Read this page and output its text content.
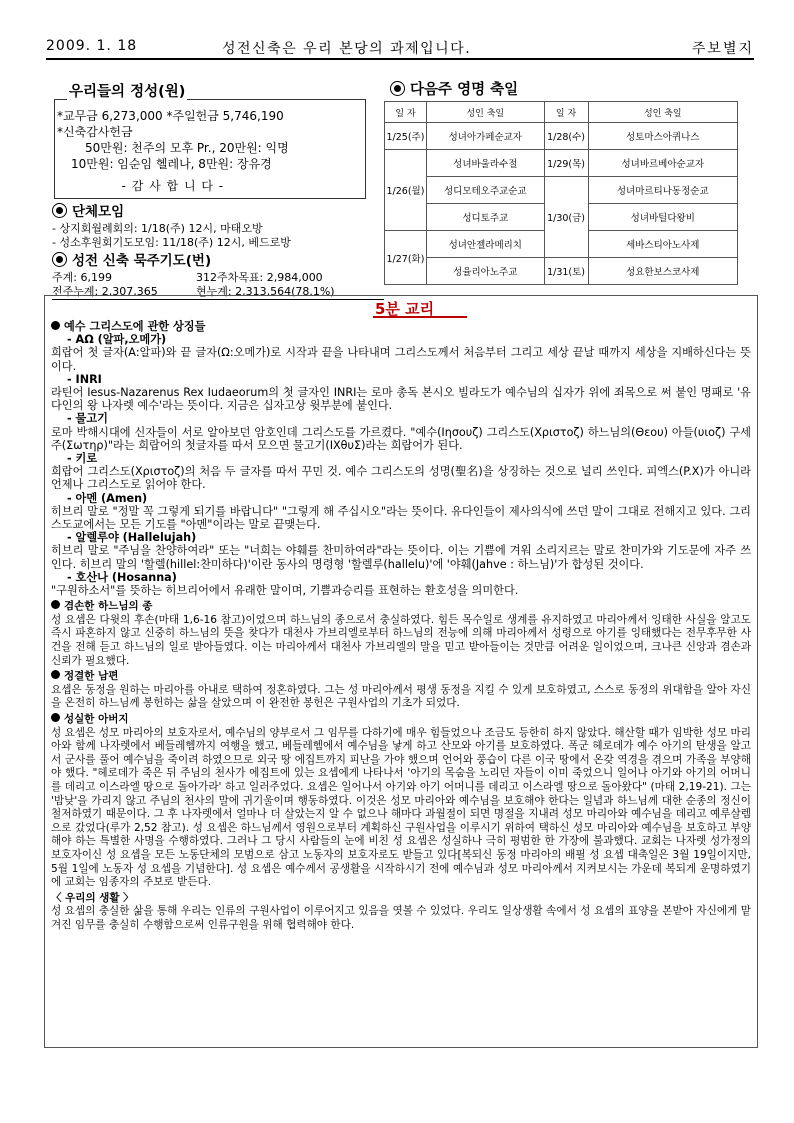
2009. 1. 18	성전신축은 우리 본당의 과제입니다.	주보별지
우리들의 정성(원)
*교무금 6,273,000 *주일헌금 5,746,190
*신축감사헌금
50만원: 천주의 모후 Pr., 20만원: 익명
10만원: 임순임 헬레나, 8만원: 장유경
- 감 사 합 니 다 -
단체모임
- 상지회월례회의: 1/18(주) 12시, 마태오방
- 성소후원회기도모임: 11/18(주) 12시, 베드로방
성전 신축 묵주기도(번)
주계: 6,199	312주차목표: 2,984,000
전주누계: 2,307,365	현누계: 2,313,564(78.1%)
다음주 영명 축일
일 자	성인 축일	일 자	성인 축일
1/25(주)	성녀아가페순교자	1/28(수)	성토마스아퀴나스
1/26(월)	성녀바울라수절	1/29(목)	성녀바르베아순교자
	성디모테오주교순교	1/30(금)	성녀마르티나동정순교
	성디토주교		성녀바틸다왕비
1/27(화)	성녀안젤라메리치		세바스티아노사제
	성율리아노주교	1/31(토)	성요한보스코사제
5분 교리
예수 그리스도에 관한 상징들
- ΑΩ (알파,오메가)
희랍어 첫 글자(Α:알파)와 끝 글자(Ω:오메가)로 시작과 끝을 나타내며 그리스도께서 처음부터 그리고 세상 끝날 때까지 세상을 지배하신다는 뜻이다.
- INRI
라틴어 Iesus-Nazarenus Rex Iudaeorum의 첫 글자인 INRI는 로마 총독 본시오 빌라도가 예수님의 십자가 위에 죄목으로 써 붙인 명패로 '유다인의 왕 나자렛 예수'라는 뜻이다. 지금은 십자고상 윗부분에 붙인다.
- 물고기
로마 박해시대에 신자들이 서로 알아보던 암호인데 그리스도를 가르켰다. "예수(Ιησουζ) 그리스도(Χριστοζ) 하느님의(Θεου) 아들(υιοζ) 구세주(Σωτηρ)"라는 희랍어의 첫글자를 따서 모으면 물고기(ΙΧθυΣ)라는 희랍어가 된다.
- 키로
희랍어 그리스도(Χριστοζ)의 처음 두 글자를 따서 꾸민 것. 예수 그리스도의 성명(聖名)을 상징하는 것으로 널리 쓰인다. 피엑스(P.X)가 아니라 언제나 그리스도로 읽어야 한다.
- 아멘 (Amen)
히브리 말로 "정말 꼭 그렇게 되기를 바랍니다" "그렇게 해 주십시오"라는 뜻이다. 유다인들이 제사의식에 쓰던 말이 그대로 전해지고 있다. 그리스도교에서는 모든 기도를 "아멘"이라는 말로 끝맺는다.
- 알렐루야 (Hallelujah)
히브리 말로 "주님을 찬양하여라" 또는 "너희는 야훼를 찬미하여라"라는 뜻이다. 이는 기쁨에 겨워 소리지르는 말로 찬미가와 기도문에 자주 쓰인다. 히브리 말의 '할렐(hillel:찬미하다)'이란 동사의 명령형 '할렐루(hallelu)'에 '야훼(Jahve : 하느님)'가 합성된 것이다.
- 호산나 (Hosanna)
"구원하소서"를 뜻하는 히브리어에서 유래한 말이며, 기쁨과승리를 표현하는 환호성을 의미한다.
겸손한 하느님의 종
성 요셉은 다윗의 후손(마태 1,6-16 참고)이었으며 하느님의 종으로서 충실하였다. 힘든 목수일로 생계를 유지하였고 마리아께서 잉태한 사실을 알고도 즉시 파혼하지 않고 신중히 하느님의 뜻을 찾다가 대천사 가브리엘로부터 하느님의 전능에 의해 마리아께서 성령으로 아기를 잉태했다는 전무후무한 사건을 전해 듣고 하느님의 일로 받아들였다. 이는 마리아께서 대천사 가브리엘의 말을 믿고 받아들이는 것만큼 어려운 일이었으며, 크나큰 신앙과 겸손과 신뢰가 필요했다.
정결한 남편
요셉은 동정을 원하는 마리아를 아내로 택하여 정혼하였다. 그는 성 마리아께서 평생 동정을 지킬 수 있게 보호하였고, 스스로 동정의 위대함을 알아 자신을 온전히 하느님께 봉헌하는 삶을 살았으며 이 완전한 봉헌은 구원사업의 기초가 되었다.
성실한 아버지
성 요셉은 성모 마리아의 보호자로서, 예수님의 양부로서 그 임무를 다하기에 매우 힘들었으나 조금도 등한히 하지 않았다. 해산할 때가 임박한 성모 마리아와 함께 나자렛에서 베들레헴까지 여행을 했고, 베들레헴에서 예수님을 낳게 하고 산모와 아기를 보호하였다. 폭군 헤로데가 예수 아기의 탄생을 알고서 군사를 풀어 예수님을 죽이려 하였으므로 외국 땅 에집트까지 피난을 가야 했으며 언어와 풍습이 다른 이국 땅에서 온갖 역경을 겪으며 가족을 부양해야 했다. "헤로데가 죽은 뒤 주님의 천사가 에집트에 있는 요셉에게 나타나서 '아기의 목숨을 노리던 자들이 이미 죽었으니 일어나 아기와 아기의 어머니를 데리고 이스라엘 땅으로 돌아가라' 하고 일러주었다. 요셉은 일어나서 아기와 아기 어머니를 데리고 이스라엘 땅으로 돌아왔다" (마태 2,19-21). 그는 '밤낮'을 가리지 않고 주님의 천사의 말에 귀기울이며 행동하였다. 이것은 성모 마리아와 예수님을 보호해야 한다는 일념과 하느님께 대한 순종의 정신이 철저하였기 때문이다. 그 후 나자렛에서 얼마나 더 살았는지 알 수 없으나 해마다 과월절이 되면 명절을 지내려 성모 마리아와 예수님을 데리고 예루살렘으로 갔었다(루가 2,52 참고). 성 요셉은 하느님께서 영원으로부터 계획하신 구원사업을 이루시기 위하여 택하신 성모 마리아와 예수님을 보호하고 부양해야 하는 특별한 사명을 수행하였다. 그러나 그 당시 사람들의 눈에 비친 성 요셉은 성실하나 극히 평범한 한 가장에 불과했다. 교회는 나자렛 성가정의 보호자이신 성 요셉을 모든 노동단체의 모범으로 삼고 노동자의 보호자로도 받들고 있다[복되신 동정 마리아의 배필 성 요셉 대축일은 3월 19일이지만, 5월 1일에 노동자 성 요셉을 기념한다]. 성 요셉은 예수께서 공생활을 시작하시기 전에 예수님과 성모 마리아께서 지켜보시는 가운데 복되게 운명하였기에 교회는 임종자의 주보로 받든다.
〈 우리의 생활 〉
성 요셉의 충실한 삶을 통해 우리는 인류의 구원사업이 이루어지고 있음을 엿볼 수 있었다. 우리도 일상생활 속에서 성 요셉의 표양을 본받아 자신에게 맡겨진 임무를 충실히 수행함으로써 인류구원을 위해 협력해야 한다.
